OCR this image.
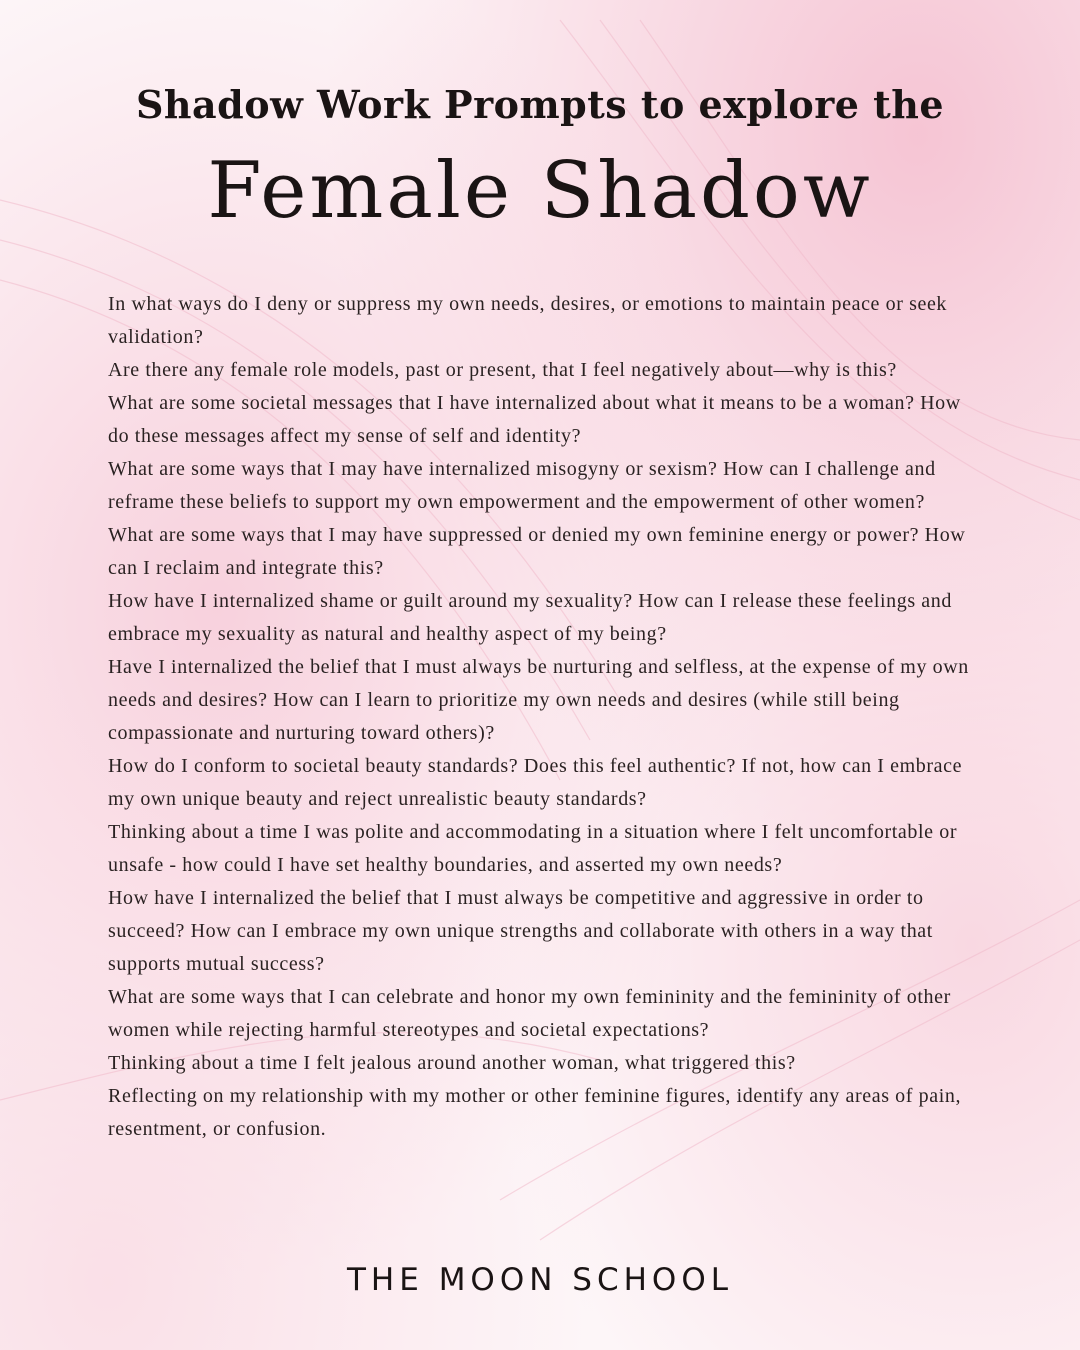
Shadow Work Prompts to explore the
Female Shadow
In what ways do I deny or suppress my own needs, desires, or emotions to maintain peace or seek validation?
Are there any female role models, past or present, that I feel negatively about—why is this?
What are some societal messages that I have internalized about what it means to be a woman? How do these messages affect my sense of self and identity?
What are some ways that I may have internalized misogyny or sexism? How can I challenge and reframe these beliefs to support my own empowerment and the empowerment of other women?
What are some ways that I may have suppressed or denied my own feminine energy or power? How can I reclaim and integrate this?
How have I internalized shame or guilt around my sexuality? How can I release these feelings and embrace my sexuality as natural and healthy aspect of my being?
Have I internalized the belief that I must always be nurturing and selfless, at the expense of my own needs and desires? How can I learn to prioritize my own needs and desires (while still being compassionate and nurturing toward others)?
How do I conform to societal beauty standards? Does this feel authentic? If not, how can I embrace my own unique beauty and reject unrealistic beauty standards?
Thinking about a time I was polite and accommodating in a situation where I felt uncomfortable or unsafe - how could I have set healthy boundaries, and asserted my own needs?
How have I internalized the belief that I must always be competitive and aggressive in order to succeed? How can I embrace my own unique strengths and collaborate with others in a way that supports mutual success?
What are some ways that I can celebrate and honor my own femininity and the femininity of other women while rejecting harmful stereotypes and societal expectations?
Thinking about a time I felt jealous around another woman, what triggered this?
Reflecting on my relationship with my mother or other feminine figures, identify any areas of pain, resentment, or confusion.
THE MOON SCHOOL
